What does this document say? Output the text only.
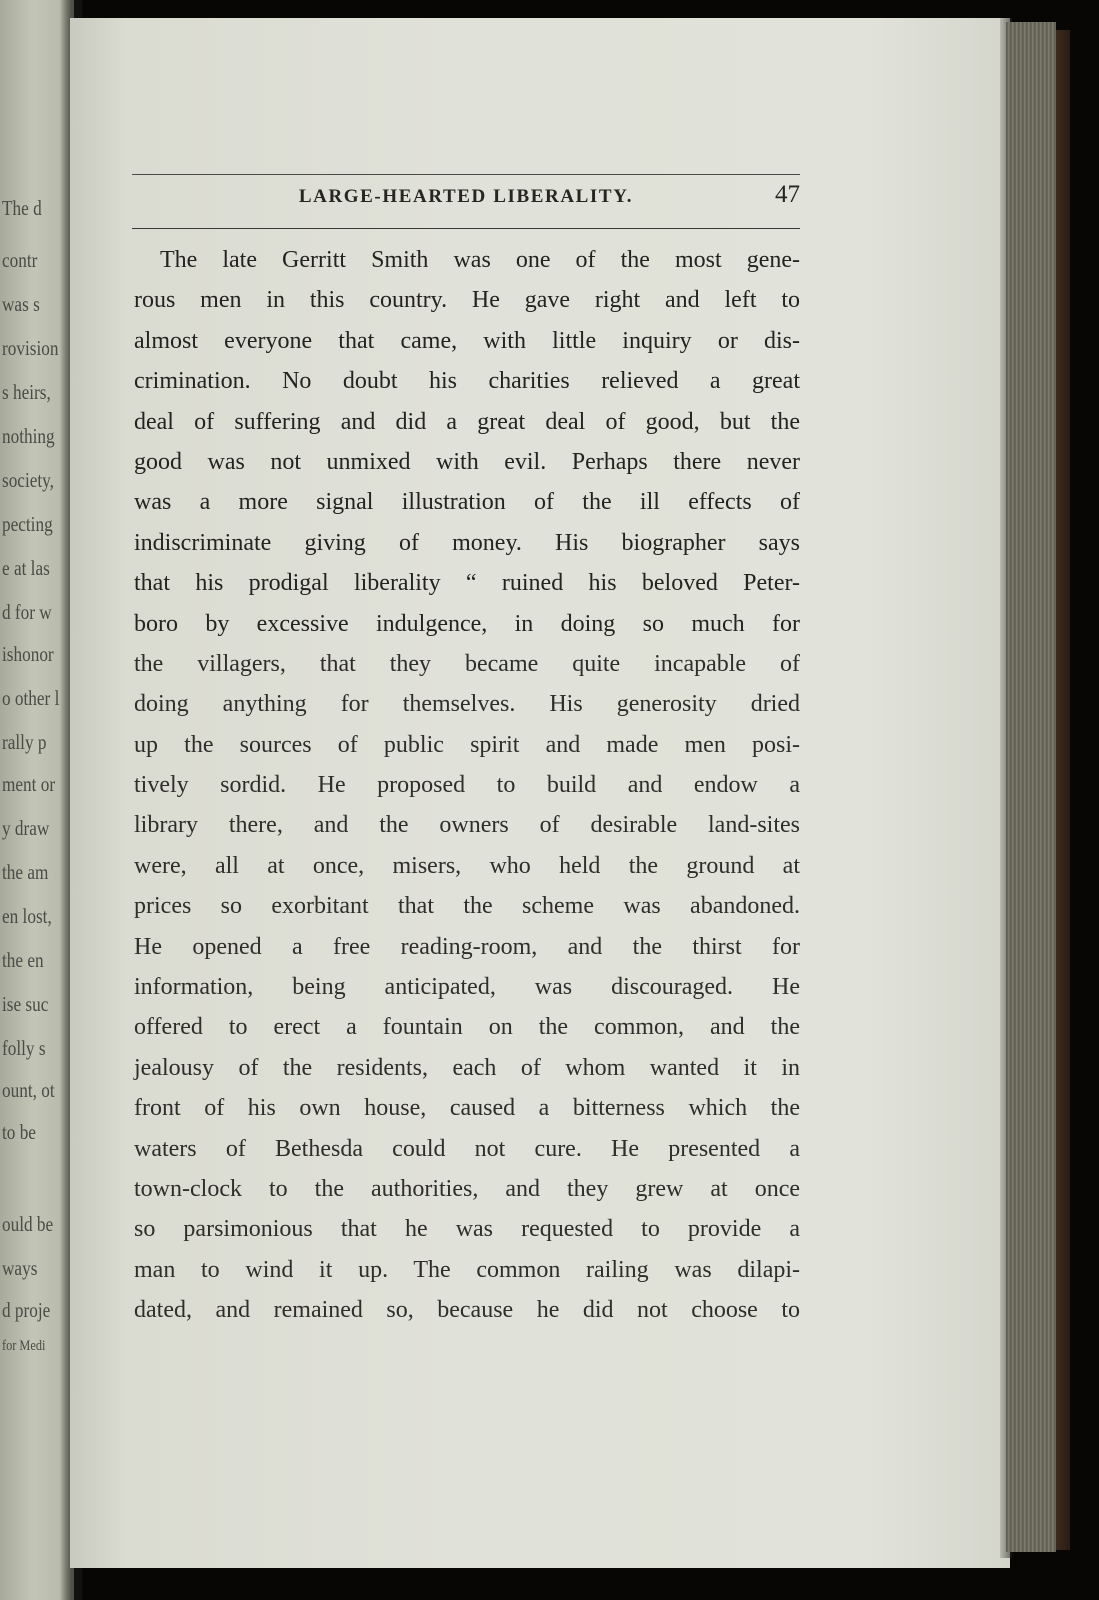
The d
contr
was s
rovision
s heirs,
nothing
society,
pecting
e at las
d for w
ishonor
o other l
rally p
ment or
y draw
the am
en lost,
the en
ise suc
folly s
ount, ot
to be
ould be
ways
d proje
for Medi
LARGE-HEARTED LIBERALITY.	47
The late Gerritt Smith was one of the most gene-
rous men in this country. He gave right and left to
almost everyone that came, with little inquiry or dis-
crimination. No doubt his charities relieved a great
deal of suffering and did a great deal of good, but the
good was not unmixed with evil. Perhaps there never
was a more signal illustration of the ill effects of
indiscriminate giving of money. His biographer says
that his prodigal liberality “ ruined his beloved Peter-
boro by excessive indulgence, in doing so much for
the villagers, that they became quite incapable of
doing anything for themselves. His generosity dried
up the sources of public spirit and made men posi-
tively sordid. He proposed to build and endow a
library there, and the owners of desirable land-sites
were, all at once, misers, who held the ground at
prices so exorbitant that the scheme was abandoned.
He opened a free reading-room, and the thirst for
information, being anticipated, was discouraged. He
offered to erect a fountain on the common, and the
jealousy of the residents, each of whom wanted it in
front of his own house, caused a bitterness which the
waters of Bethesda could not cure. He presented a
town-clock to the authorities, and they grew at once
so parsimonious that he was requested to provide a
man to wind it up. The common railing was dilapi-
dated, and remained so, because he did not choose to
